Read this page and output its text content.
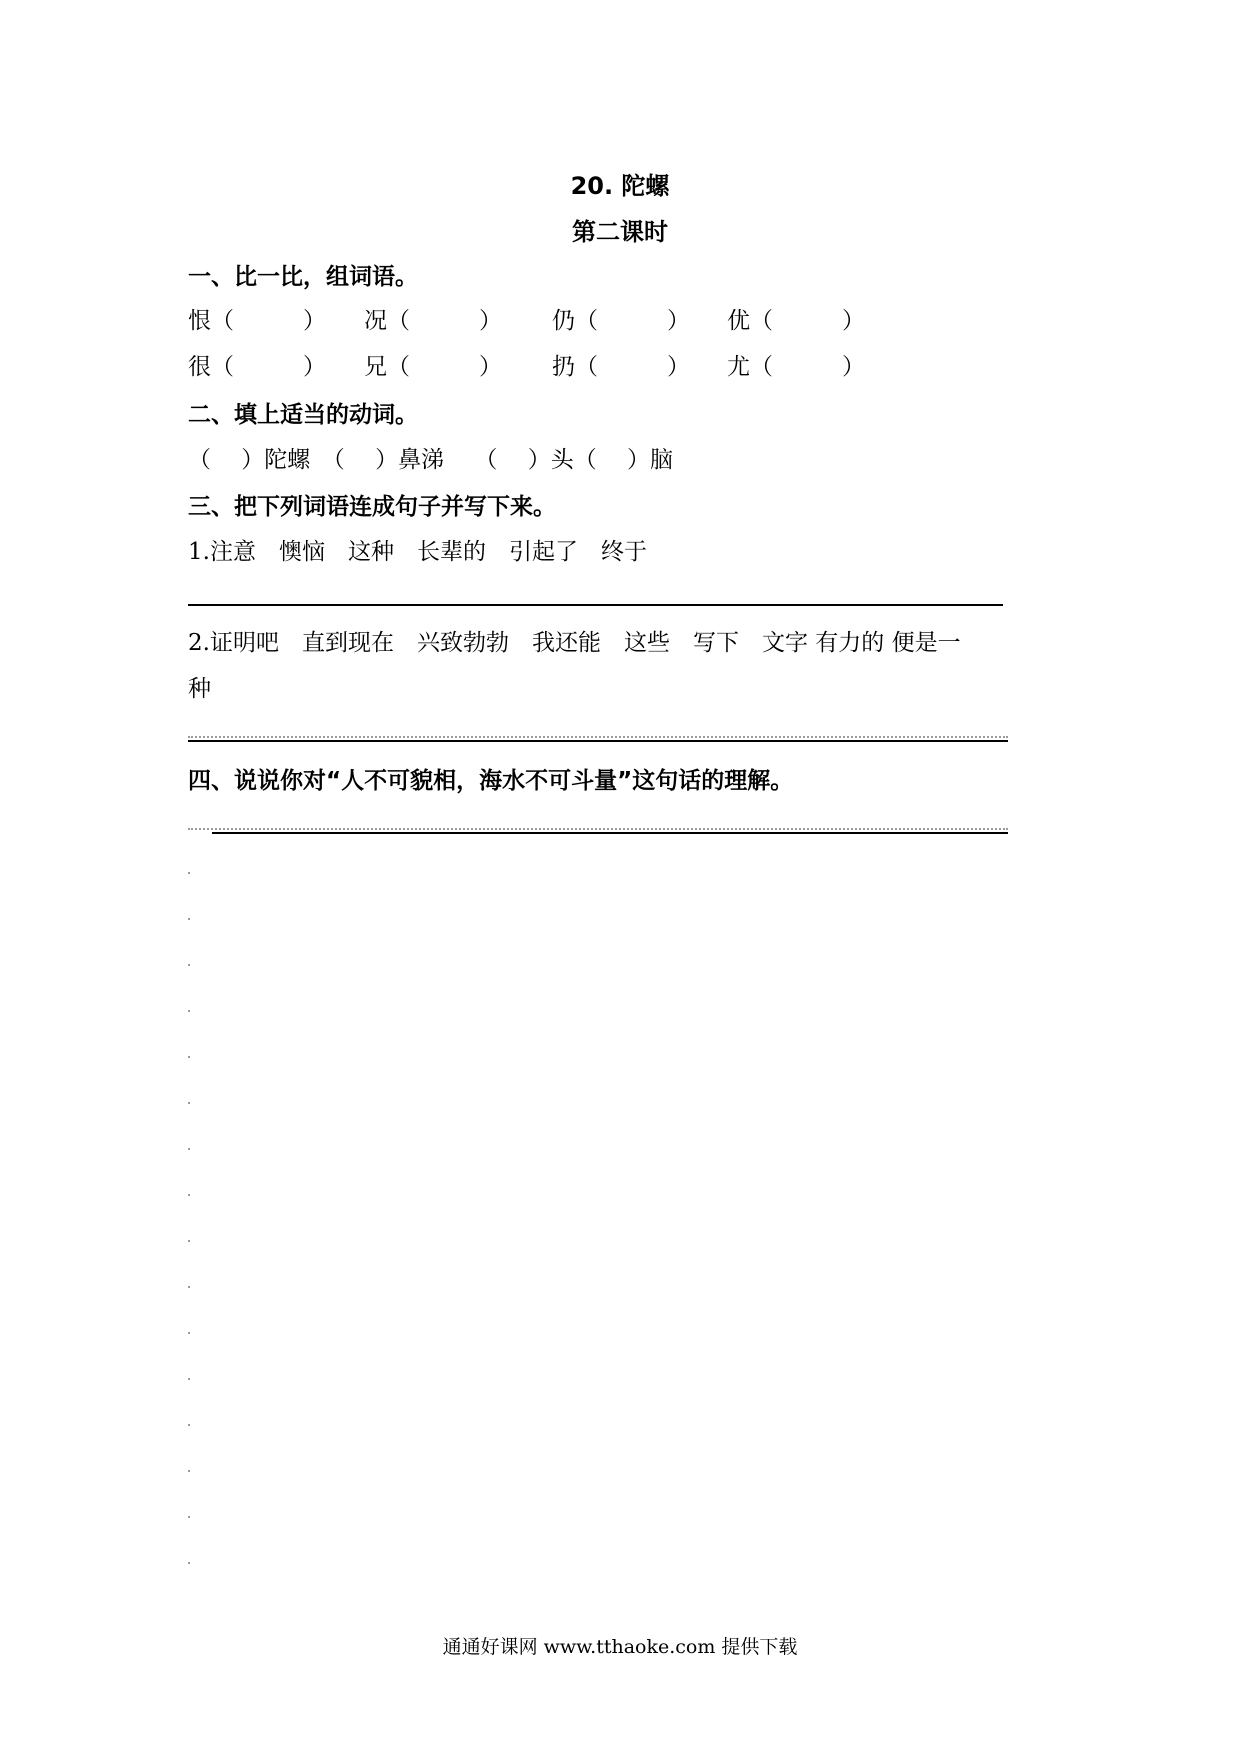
20. 陀螺
第二课时
一、比一比，组词语。
恨（　　　） 况（　　　） 仍（　　　） 优（　　　）
很（　　　） 兄（　　　） 扔（　　　） 尤（　　　）
二、填上适当的动词。
（　 ）陀螺　（　 ）鼻涕　 （　 ）头（　 ）脑
三、把下列词语连成句子并写下来。
1.注意　懊恼　这种　长辈的　引起了　终于
2.证明吧　直到现在　兴致勃勃　我还能　这些　写下　文字 有力的 便是一
种
四、说说你对“人不可貌相，海水不可斗量”这句话的理解。
通通好课网 www.tthaoke.com 提供下载
